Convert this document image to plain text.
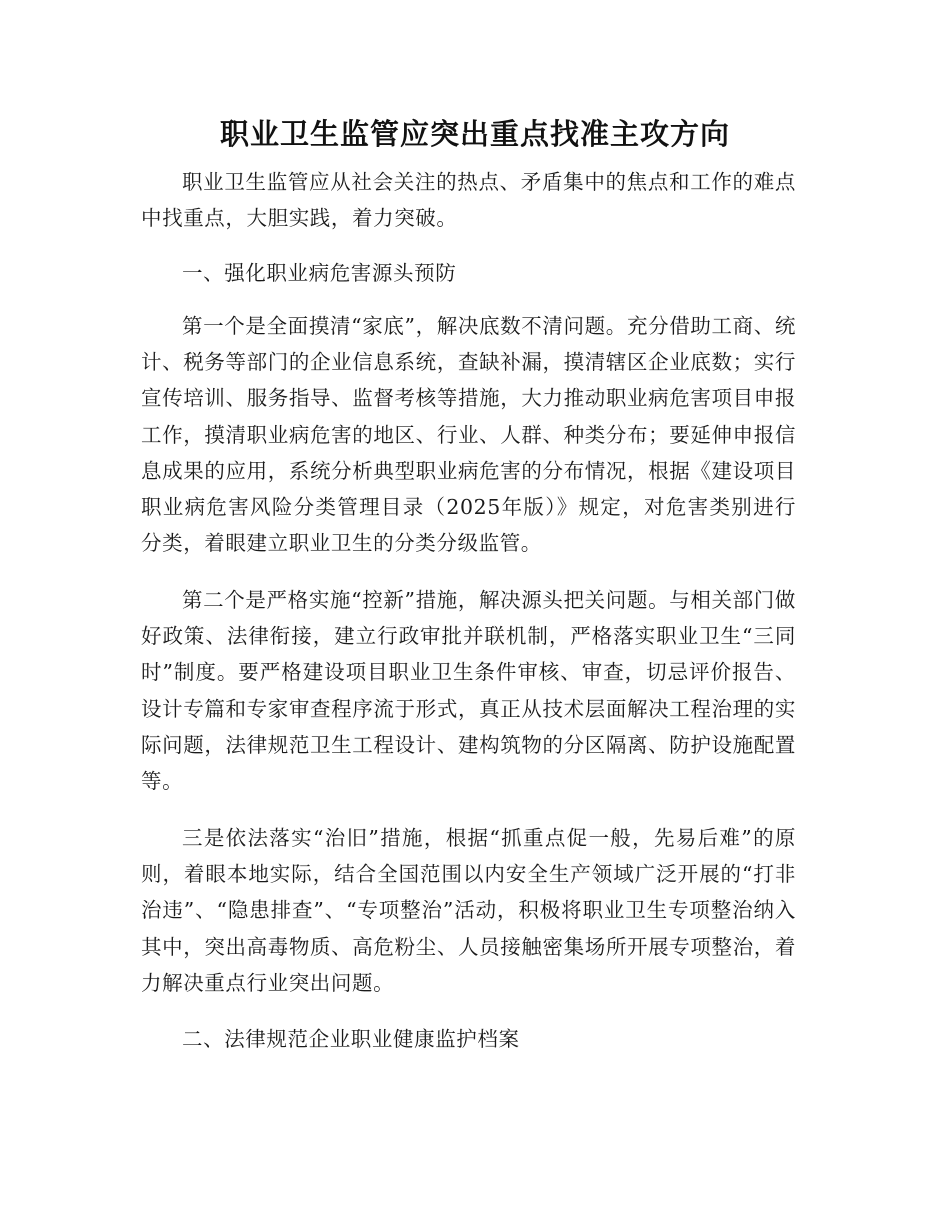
职业卫生监管应突出重点找准主攻方向

职业卫生监管应从社会关注的热点、矛盾集中的焦点和工作的难点中找重点，大胆实践，着力突破。

一、强化职业病危害源头预防

第一个是全面摸清“家底”，解决底数不清问题。充分借助工商、统计、税务等部门的企业信息系统，查缺补漏，摸清辖区企业底数；实行宣传培训、服务指导、监督考核等措施，大力推动职业病危害项目申报工作，摸清职业病危害的地区、行业、人群、种类分布；要延伸申报信息成果的应用，系统分析典型职业病危害的分布情况，根据《建设项目职业病危害风险分类管理目录（2025年版）》规定，对危害类别进行分类，着眼建立职业卫生的分类分级监管。

第二个是严格实施“控新”措施，解决源头把关问题。与相关部门做好政策、法律衔接，建立行政审批并联机制，严格落实职业卫生“三同时”制度。要严格建设项目职业卫生条件审核、审查，切忌评价报告、设计专篇和专家审查程序流于形式，真正从技术层面解决工程治理的实际问题，法律规范卫生工程设计、建构筑物的分区隔离、防护设施配置等。

三是依法落实“治旧”措施，根据“抓重点促一般，先易后难”的原则，着眼本地实际，结合全国范围以内安全生产领域广泛开展的“打非治违”、“隐患排查”、“专项整治”活动，积极将职业卫生专项整治纳入其中，突出高毒物质、高危粉尘、人员接触密集场所开展专项整治，着力解决重点行业突出问题。

二、法律规范企业职业健康监护档案
